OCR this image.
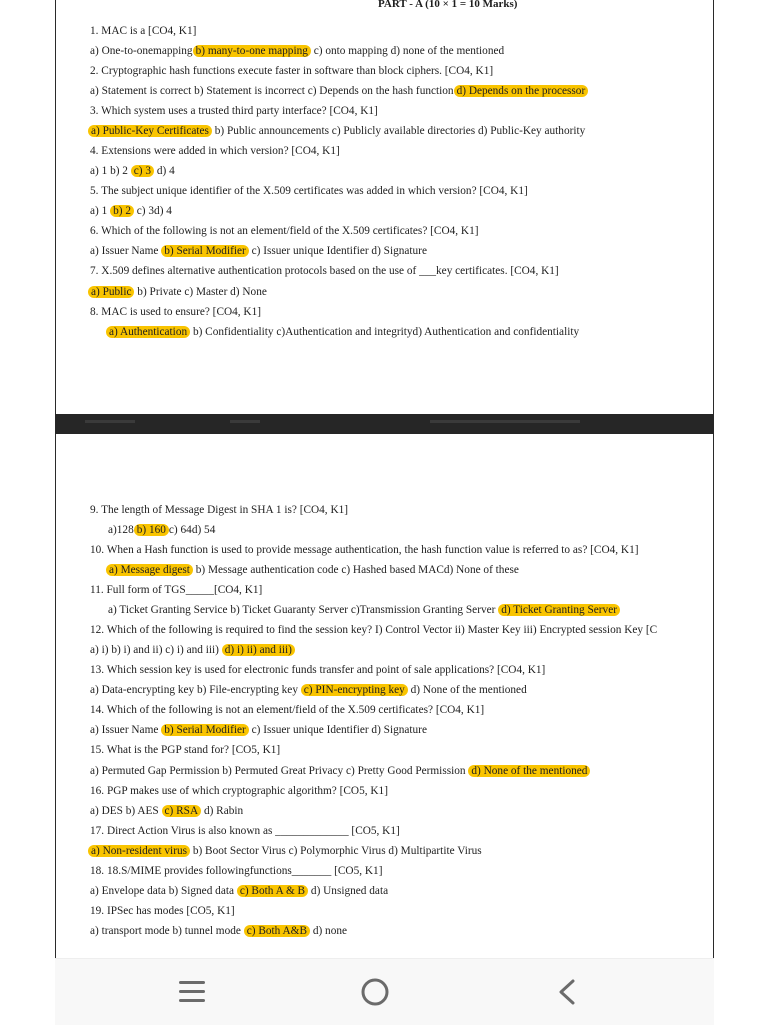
PART - A (10 × 1 = 10 Marks)
1. MAC is a [CO4, K1]
a) One-to-onemapping b) many-to-one mapping c) onto mapping d) none of the mentioned
2. Cryptographic hash functions execute faster in software than block ciphers. [CO4, K1]
a) Statement is correct b) Statement is incorrect c) Depends on the hash function d) Depends on the processor
3. Which system uses a trusted third party interface? [CO4, K1]
a) Public-Key Certificates b) Public announcements c) Publicly available directories d) Public-Key authority
4. Extensions were added in which version? [CO4, K1]
a) 1 b) 2 c) 3 d) 4
5. The subject unique identifier of the X.509 certificates was added in which version? [CO4, K1]
a) 1 b) 2 c) 3d) 4
6. Which of the following is not an element/field of the X.509 certificates? [CO4, K1]
a) Issuer Name b) Serial Modifier c) Issuer unique Identifier d) Signature
7. X.509 defines alternative authentication protocols based on the use of ___key certificates. [CO4, K1]
a) Public b) Private c) Master d) None
8. MAC is used to ensure? [CO4, K1]
a) Authentication b) Confidentiality c)Authentication and integrityd) Authentication and confidentiality
9. The length of Message Digest in SHA 1 is? [CO4, K1]
a)128 b) 160 c) 64d) 54
10. When a Hash function is used to provide message authentication, the hash function value is referred to as? [CO4, K1]
a) Message digest b) Message authentication code c) Hashed based MACd) None of these
11. Full form of TGS_____[CO4, K1]
a) Ticket Granting Service b) Ticket Guaranty Server c)Transmission Granting Server d) Ticket Granting Server
12. Which of the following is required to find the session key? I) Control Vector ii) Master Key iii) Encrypted session Key [C
a) i) b) i) and ii) c) i) and iii) d) i) ii) and iii)
13. Which session key is used for electronic funds transfer and point of sale applications? [CO4, K1]
a) Data-encrypting key b) File-encrypting key c) PIN-encrypting key d) None of the mentioned
14. Which of the following is not an element/field of the X.509 certificates? [CO4, K1]
a) Issuer Name b) Serial Modifier c) Issuer unique Identifier d) Signature
15. What is the PGP stand for? [CO5, K1]
a) Permuted Gap Permission b) Permuted Great Privacy c) Pretty Good Permission d) None of the mentioned
16. PGP makes use of which cryptographic algorithm? [CO5, K1]
a) DES b) AES c) RSA d) Rabin
17. Direct Action Virus is also known as _____________ [CO5, K1]
a) Non-resident virus b) Boot Sector Virus c) Polymorphic Virus d) Multipartite Virus
18. 18.S/MIME provides followingfunctions_______ [CO5, K1]
a) Envelope data b) Signed data c) Both A & B d) Unsigned data
19. IPSec has modes [CO5, K1]
a) transport mode b) tunnel mode c) Both A&B d) none
